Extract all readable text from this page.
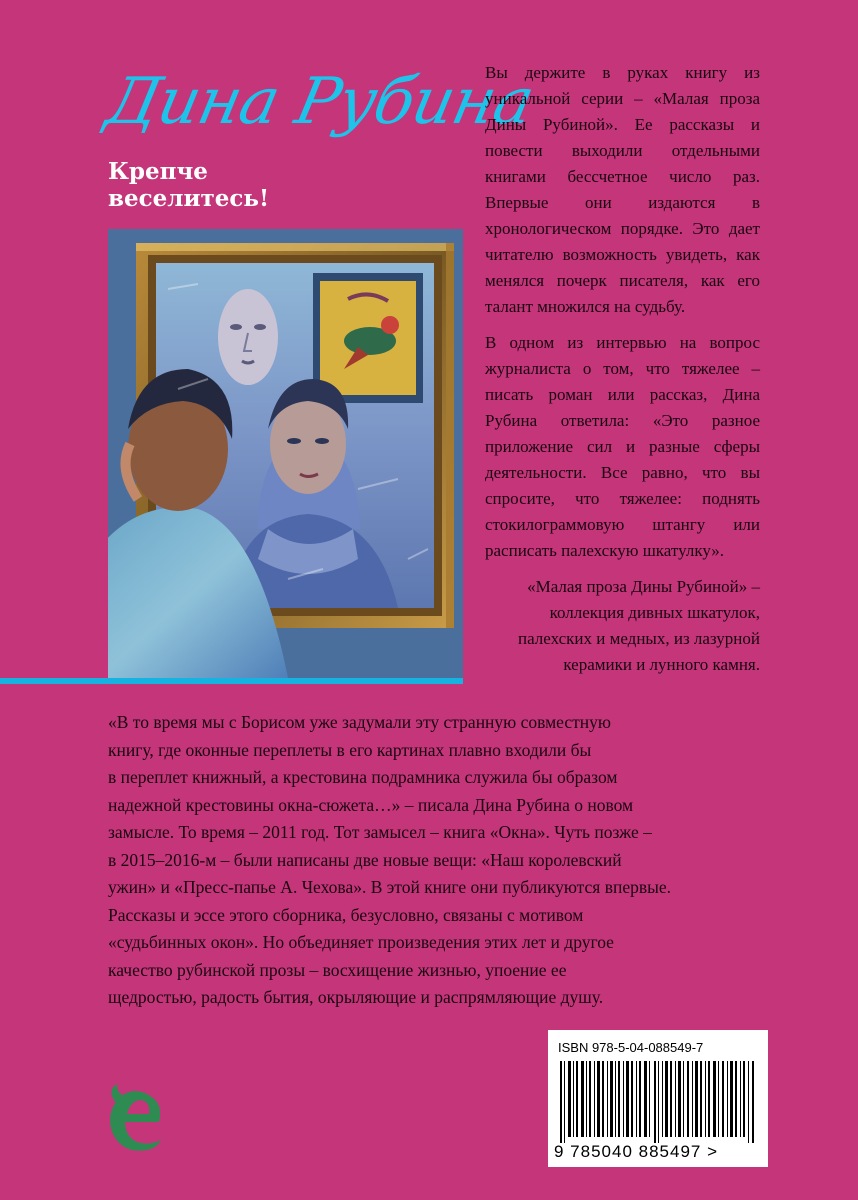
Дина Рубина
Крепче
веселитесь!

Вы держите в руках книгу из уникальной серии – «Малая проза Дины Рубиной». Ее рассказы и повести выходили отдельными книгами бессчетное число раз. Впервые они издаются в хронологическом порядке. Это дает читателю возможность увидеть, как менялся почерк писателя, как его талант множился на судьбу.

В одном из интервью на вопрос журналиста о том, что тяжелее – писать роман или рассказ, Дина Рубина ответила: «Это разное приложение сил и разные сферы деятельности. Все равно, что вы спросите, что тяжелее: поднять стокилограммовую штангу или расписать палехскую шкатулку».

«Малая проза Дины Рубиной» – коллекция дивных шкатулок, палехских и медных, из лазурной керамики и лунного камня.

«В то время мы с Борисом уже задумали эту странную совместную
книгу, где оконные переплеты в его картинах плавно входили бы
в переплет книжный, а крестовина подрамника служила бы образом
надежной крестовины окна-сюжета…» – писала Дина Рубина о новом
замысле. То время – 2011 год. Тот замысел – книга «Окна». Чуть позже –
в 2015–2016-м – были написаны две новые вещи: «Наш королевский
ужин» и «Пресс-папье А. Чехова». В этой книге они публикуются впервые.
Рассказы и эссе этого сборника, безусловно, связаны с мотивом
«судьбинных окон». Но объединяет произведения этих лет и другое
качество рубинской прозы – восхищение жизнью, упоение ее
щедростью, радость бытия, окрыляющие и распрямляющие душу.
ISBN 978-5-04-088549-7
9 785040 885497 >
